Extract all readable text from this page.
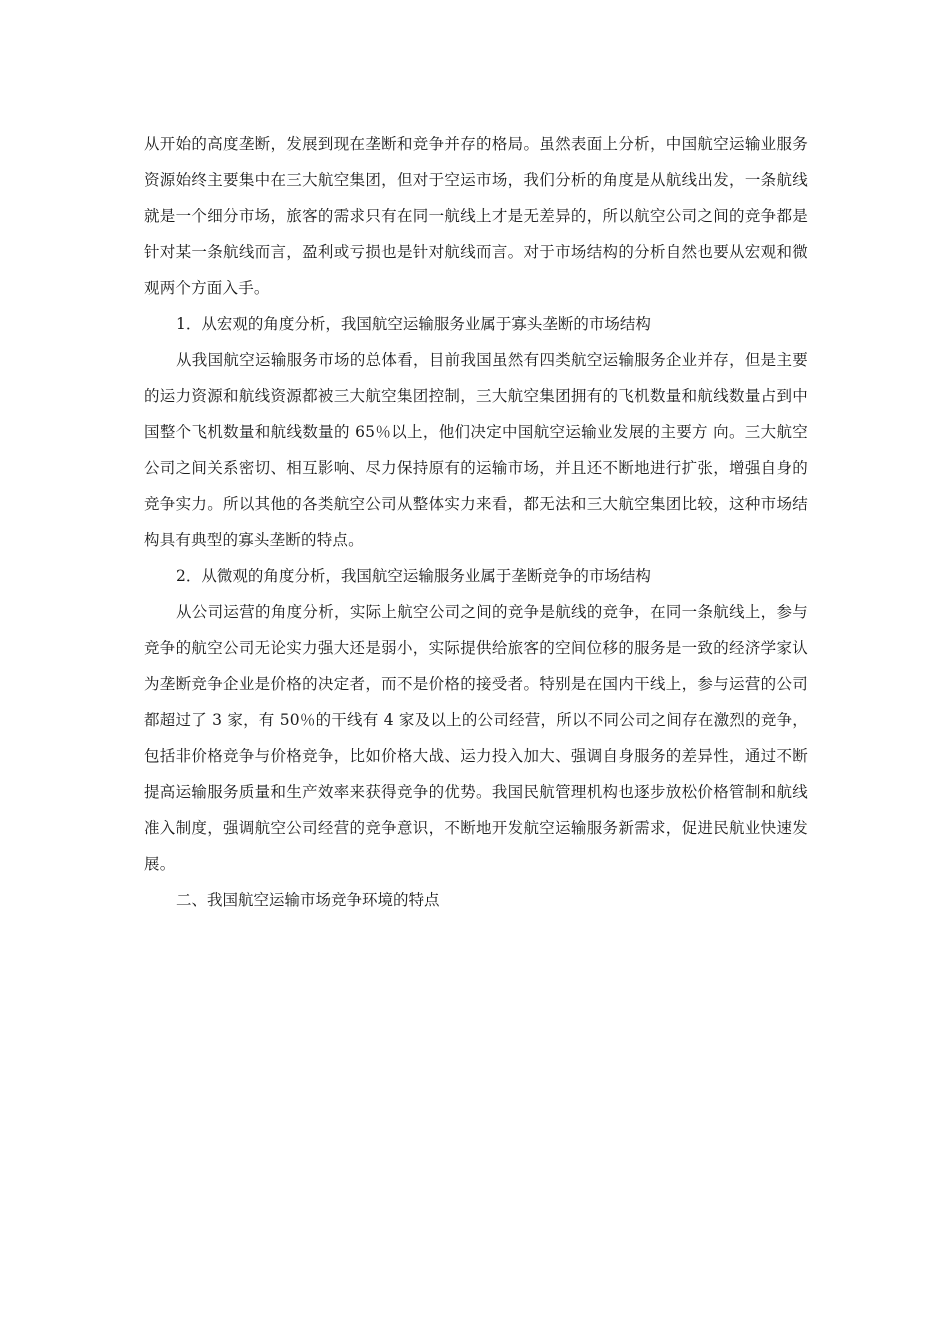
从开始的高度垄断，发展到现在垄断和竞争并存的格局。虽然表面上分析，中国航空运输业服务资源始终主要集中在三大航空集团，但对于空运市场，我们分析的角度是从航线出发，一条航线就是一个细分市场，旅客的需求只有在同一航线上才是无差异的，所以航空公司之间的竞争都是针对某一条航线而言，盈利或亏损也是针对航线而言。对于市场结构的分析自然也要从宏观和微观两个方面入手。

1．从宏观的角度分析，我国航空运输服务业属于寡头垄断的市场结构

从我国航空运输服务市场的总体看，目前我国虽然有四类航空运输服务企业并存，但是主要的运力资源和航线资源都被三大航空集团控制，三大航空集团拥有的飞机数量和航线数量占到中国整个飞机数量和航线数量的 65％以上，他们决定中国航空运输业发展的主要方 向。三大航空公司之间关系密切、相互影响、尽力保持原有的运输市场，并且还不断地进行扩张，增强自身的竞争实力。所以其他的各类航空公司从整体实力来看，都无法和三大航空集团比较，这种市场结构具有典型的寡头垄断的特点。

2．从微观的角度分析，我国航空运输服务业属于垄断竞争的市场结构

从公司运营的角度分析，实际上航空公司之间的竞争是航线的竞争，在同一条航线上，参与竞争的航空公司无论实力强大还是弱小，实际提供给旅客的空间位移的服务是一致的经济学家认为垄断竞争企业是价格的决定者，而不是价格的接受者。特别是在国内干线上，参与运营的公司都超过了 3 家，有 50％的干线有 4 家及以上的公司经营，所以不同公司之间存在激烈的竞争，包括非价格竞争与价格竞争，比如价格大战、运力投入加大、强调自身服务的差异性，通过不断提高运输服务质量和生产效率来获得竞争的优势。我国民航管理机构也逐步放松价格管制和航线准入制度，强调航空公司经营的竞争意识，不断地开发航空运输服务新需求，促进民航业快速发展。

二、我国航空运输市场竞争环境的特点
